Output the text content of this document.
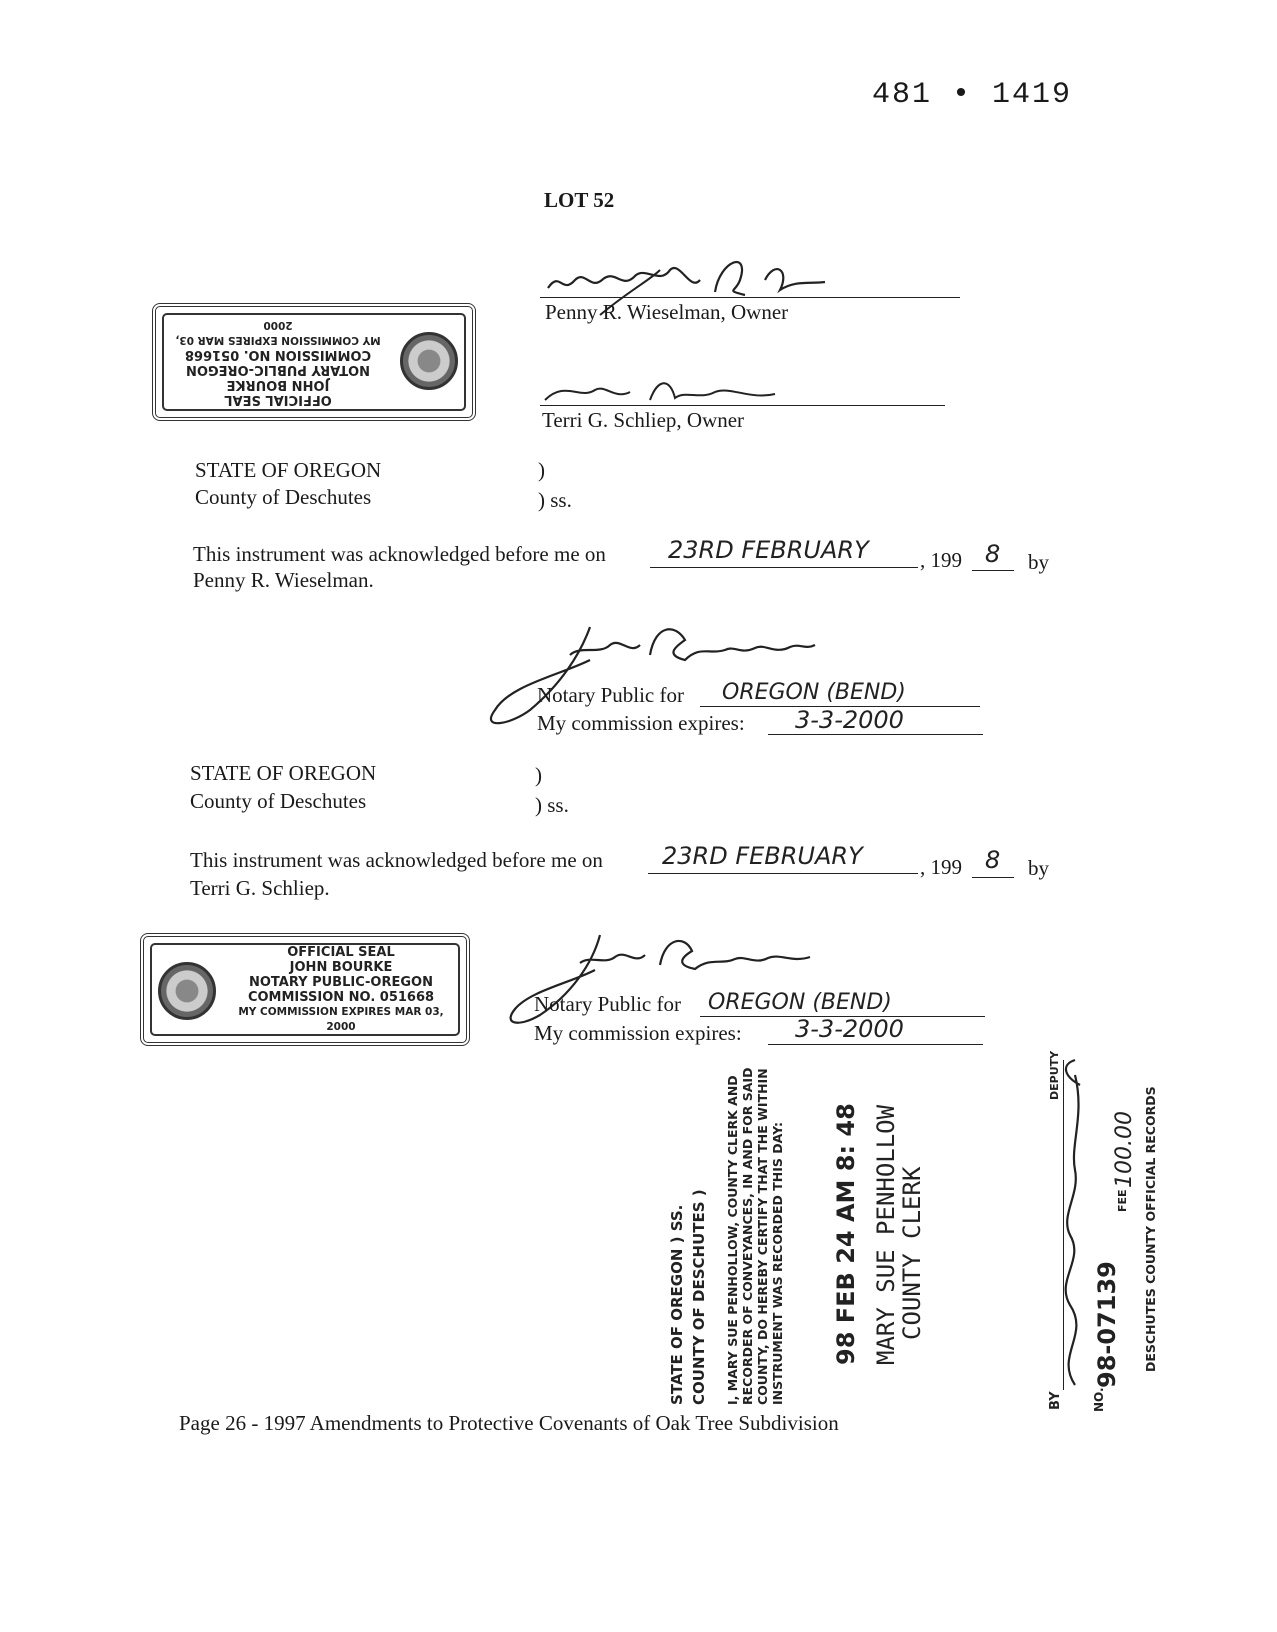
481 • 1419
LOT 52
Penny R. Wieselman, Owner
Terri G. Schliep, Owner
OFFICIAL SEAL
JOHN BOURKE
NOTARY PUBLIC-OREGON
COMMISSION NO. 051668
MY COMMISSION EXPIRES MAR 03, 2000
STATE OF OREGON	)
County of Deschutes	) ss.
This instrument was acknowledged before me on	23RD FEBRUARY , 199 8 by
Penny R. Wieselman.
Notary Public for OREGON (BEND)
My commission expires: 3-3-2000
STATE OF OREGON	)
County of Deschutes	) ss.
This instrument was acknowledged before me on 23RD FEBRUARY	, 199 8 by
Terri G. Schliep.
OFFICIAL SEAL
JOHN BOURKE
NOTARY PUBLIC-OREGON
COMMISSION NO. 051668
MY COMMISSION EXPIRES MAR 03, 2000
Notary Public for OREGON (BEND)
My commission expires: 3-3-2000
STATE OF OREGON ) SS. COUNTY OF DESCHUTES ) I, MARY SUE PENHOLLOW, COUNTY CLERK AND RECORDER OF CONVEYANCES, IN AND FOR SAID COUNTY, DO HEREBY CERTIFY THAT THE WITHIN INSTRUMENT WAS RECORDED THIS DAY: 98 FEB 24 AM 8: 48 MARY SUE PENHOLLOW
COUNTY CLERK
BY
DEPUTY
NO.
98-07139
FEE
100.00 DESCHUTES COUNTY OFFICIAL RECORDS
Page 26 - 1997 Amendments to Protective Covenants of Oak Tree Subdivision
